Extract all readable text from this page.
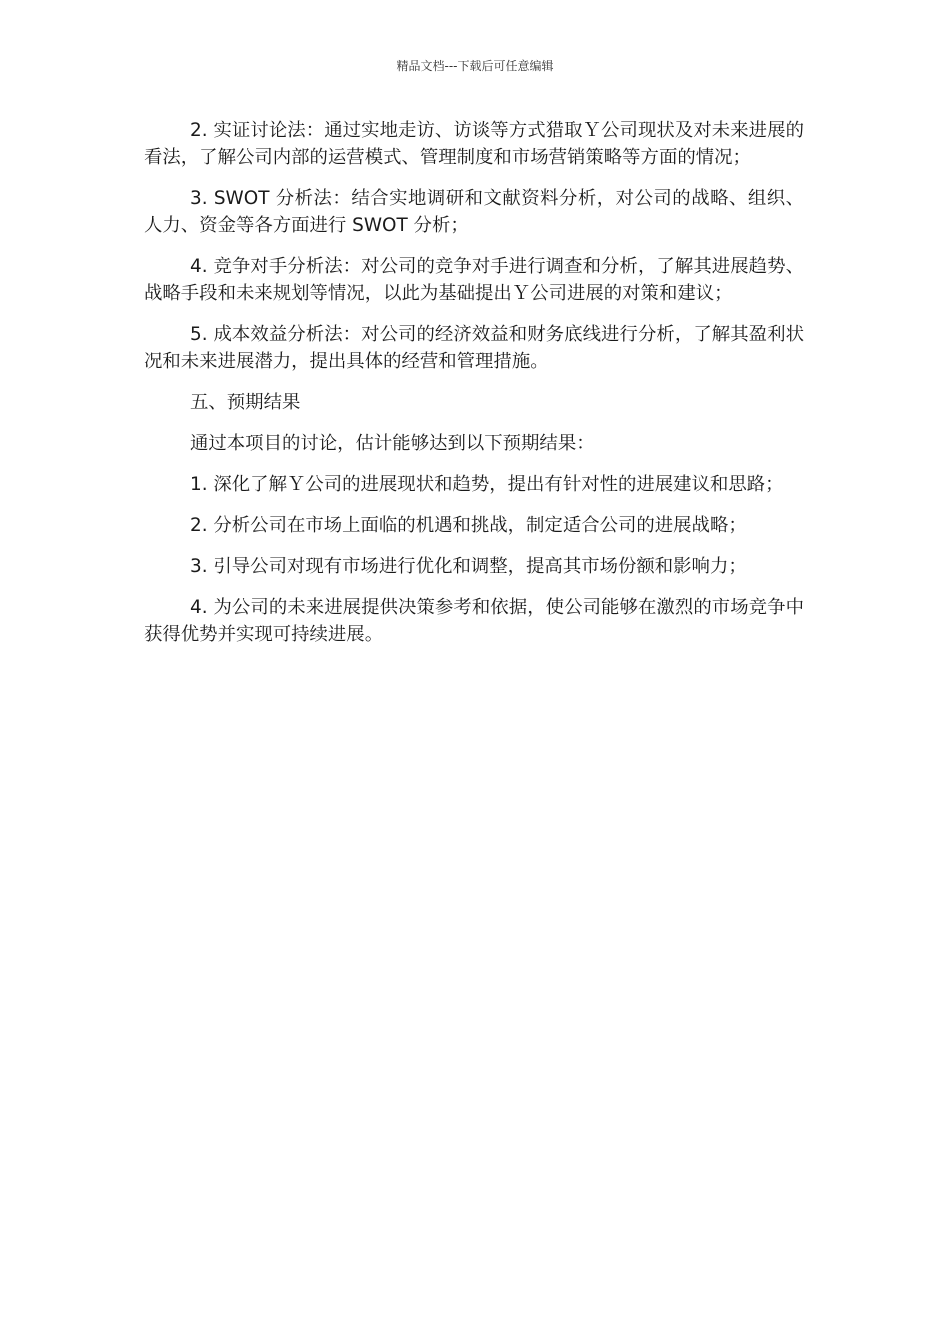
精品文档---下载后可任意编辑

2. 实证讨论法：通过实地走访、访谈等方式猎取Ｙ公司现状及对未来进展的看法，了解公司内部的运营模式、管理制度和市场营销策略等方面的情况；

3. SWOT 分析法：结合实地调研和文献资料分析，对公司的战略、组织、人力、资金等各方面进行 SWOT 分析；

4. 竞争对手分析法：对公司的竞争对手进行调查和分析，了解其进展趋势、战略手段和未来规划等情况，以此为基础提出Ｙ公司进展的对策和建议；

5. 成本效益分析法：对公司的经济效益和财务底线进行分析，了解其盈利状况和未来进展潜力，提出具体的经营和管理措施。

五、预期结果

通过本项目的讨论，估计能够达到以下预期结果：

1. 深化了解Ｙ公司的进展现状和趋势，提出有针对性的进展建议和思路；

2. 分析公司在市场上面临的机遇和挑战，制定适合公司的进展战略；

3. 引导公司对现有市场进行优化和调整，提高其市场份额和影响力；

4. 为公司的未来进展提供决策参考和依据，使公司能够在激烈的市场竞争中获得优势并实现可持续进展。
